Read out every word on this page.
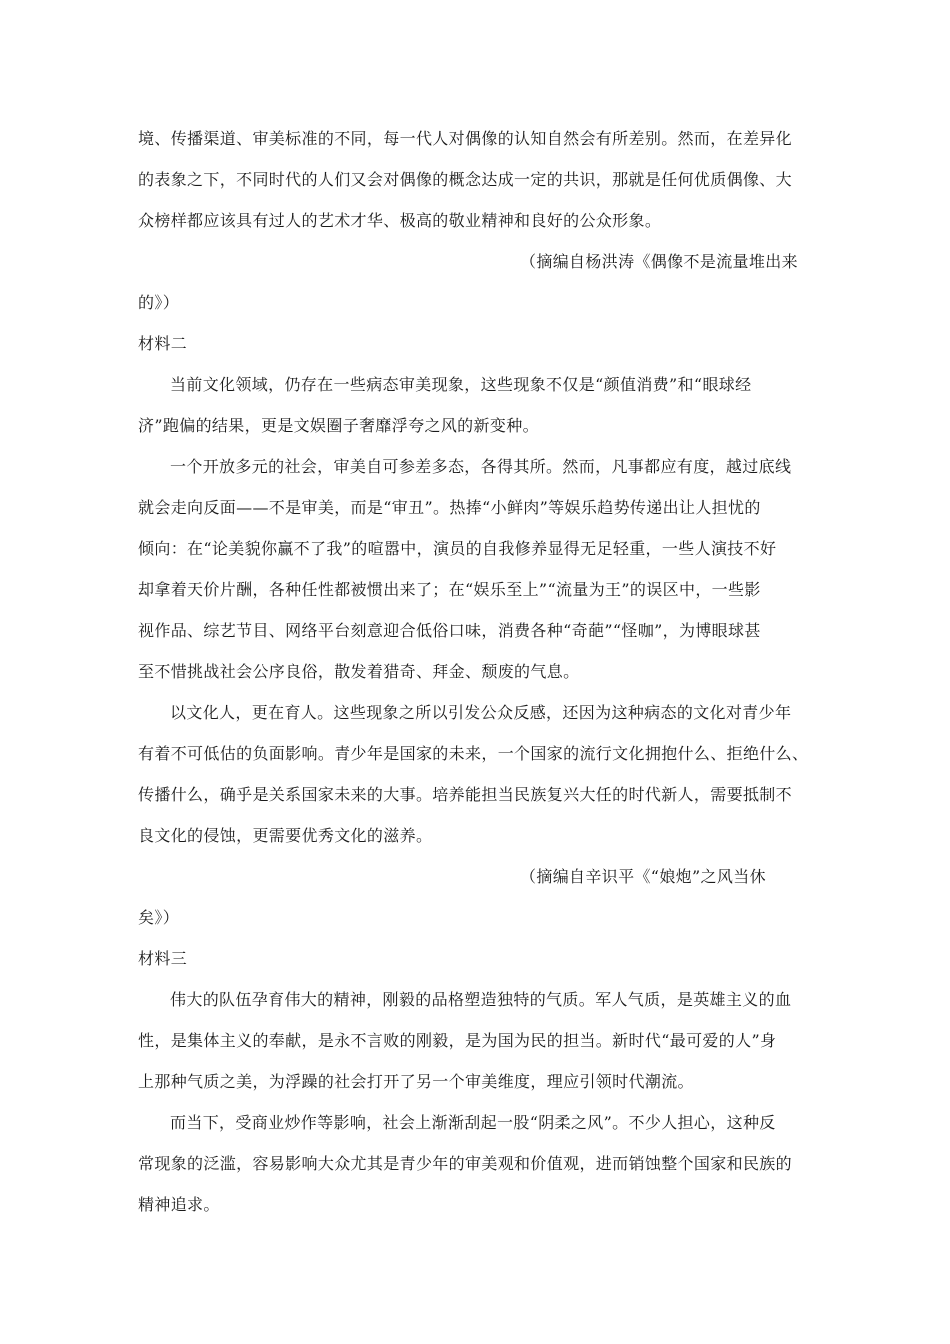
境、传播渠道、审美标准的不同，每一代人对偶像的认知自然会有所差别。然而，在差异化
的表象之下，不同时代的人们又会对偶像的概念达成一定的共识，那就是任何优质偶像、大
众榜样都应该具有过人的艺术才华、极高的敬业精神和良好的公众形象。
（摘编自杨洪涛《偶像不是流量堆出来
的》）
材料二
当前文化领域，仍存在一些病态审美现象，这些现象不仅是“颜值消费”和“眼球经
济”跑偏的结果，更是文娱圈子奢靡浮夸之风的新变种。
一个开放多元的社会，审美自可参差多态，各得其所。然而，凡事都应有度，越过底线
就会走向反面——不是审美，而是“审丑”。热捧“小鲜肉”等娱乐趋势传递出让人担忧的
倾向：在“论美貌你赢不了我”的喧嚣中，演员的自我修养显得无足轻重，一些人演技不好
却拿着天价片酬，各种任性都被惯出来了；在“娱乐至上”“流量为王”的误区中，一些影
视作品、综艺节目、网络平台刻意迎合低俗口味，消费各种“奇葩”“怪咖”，为博眼球甚
至不惜挑战社会公序良俗，散发着猎奇、拜金、颓废的气息。
以文化人，更在育人。这些现象之所以引发公众反感，还因为这种病态的文化对青少年
有着不可低估的负面影响。青少年是国家的未来，一个国家的流行文化拥抱什么、拒绝什么、
传播什么，确乎是关系国家未来的大事。培养能担当民族复兴大任的时代新人，需要抵制不
良文化的侵蚀，更需要优秀文化的滋养。
（摘编自辛识平《“娘炮”之风当休
矣》）
材料三
伟大的队伍孕育伟大的精神，刚毅的品格塑造独特的气质。军人气质，是英雄主义的血
性，是集体主义的奉献，是永不言败的刚毅，是为国为民的担当。新时代“最可爱的人”身
上那种气质之美，为浮躁的社会打开了另一个审美维度，理应引领时代潮流。
而当下，受商业炒作等影响，社会上渐渐刮起一股“阴柔之风”。不少人担心，这种反
常现象的泛滥，容易影响大众尤其是青少年的审美观和价值观，进而销蚀整个国家和民族的
精神追求。
